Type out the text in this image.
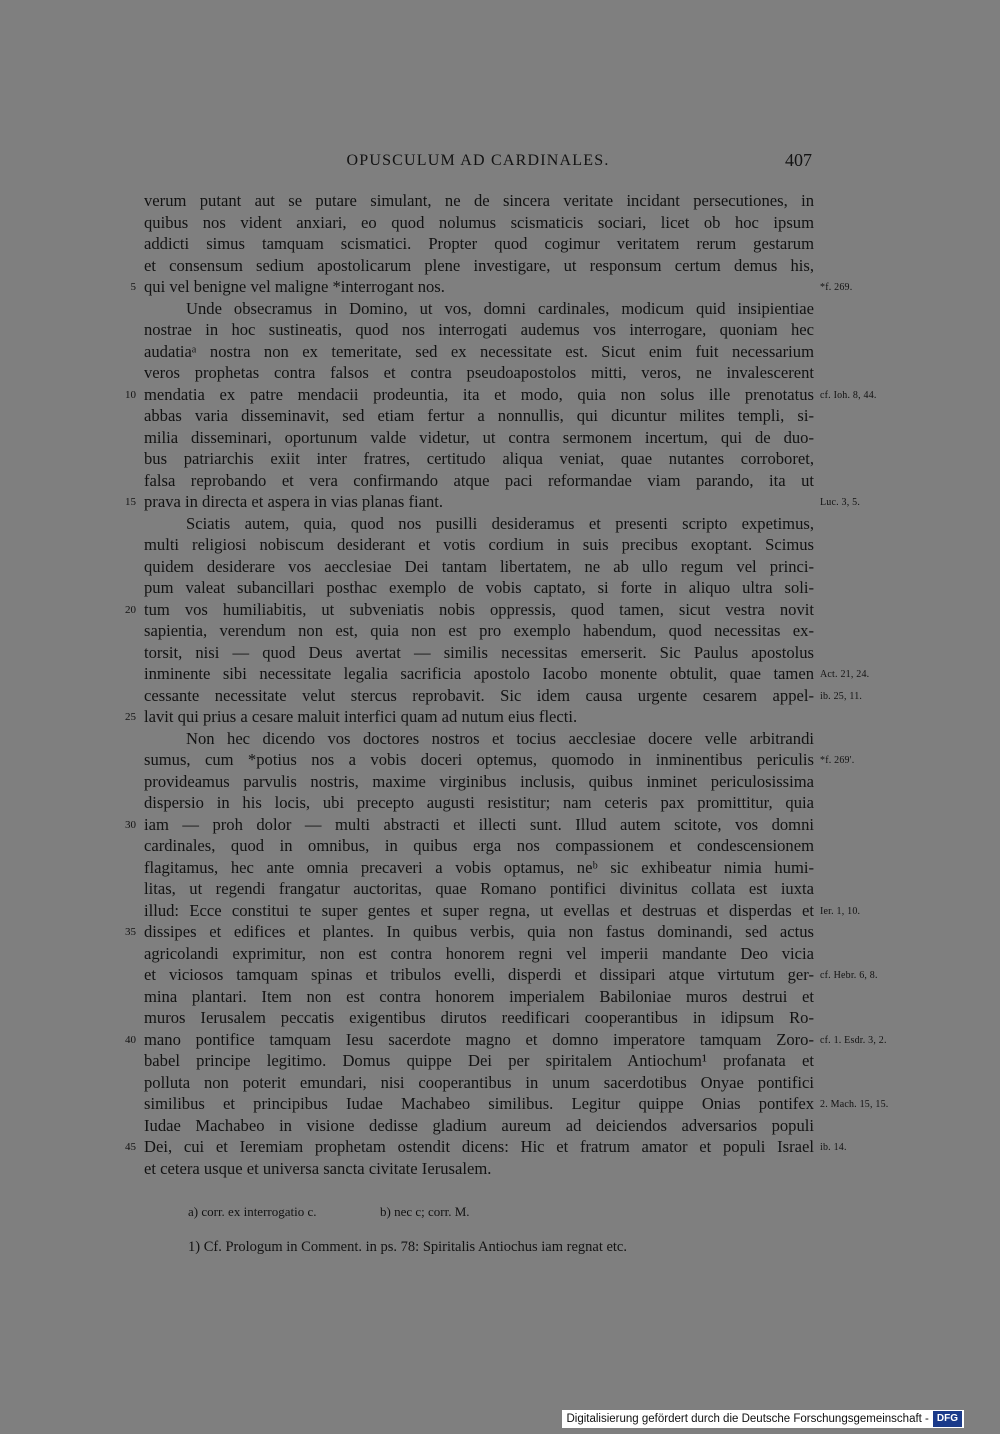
OPUSCULUM AD CARDINALES.	407
verum putant aut se putare simulant, ne de sincera veritate incidant persecutiones, in
quibus nos vident anxiari, eo quod nolumus scismaticis sociari, licet ob hoc ipsum
addicti simus tamquam scismatici. Propter quod cogimur veritatem rerum gestarum
et consensum sedium apostolicarum plene investigare, ut responsum certum demus his,
5 qui vel benigne vel maligne *interrogant nos.	*f. 269.
Unde obsecramus in Domino, ut vos, domni cardinales, modicum quid insipientiae
nostrae in hoc sustineatis, quod nos interrogati audemus vos interrogare, quoniam hec
audatiaᵃ nostra non ex temeritate, sed ex necessitate est. Sicut enim fuit necessarium
veros prophetas contra falsos et contra pseudoapostolos mitti, veros, ne invalescerent
10 mendatia ex patre mendacii prodeuntia, ita et modo, quia non solus ille prenotatus cf. Ioh. 8, 44.
abbas varia disseminavit, sed etiam fertur a nonnullis, qui dicuntur milites templi, si-
milia disseminari, oportunum valde videtur, ut contra sermonem incertum, qui de duo-
bus patriarchis exiit inter fratres, certitudo aliqua veniat, quae nutantes corroboret,
falsa reprobando et vera confirmando atque paci reformandae viam parando, ita ut
15 prava in directa et aspera in vias planas fiant.	Luc. 3, 5.
Sciatis autem, quia, quod nos pusilli desideramus et presenti scripto expetimus,
multi religiosi nobiscum desiderant et votis cordium in suis precibus exoptant. Scimus
quidem desiderare vos aecclesiae Dei tantam libertatem, ne ab ullo regum vel princi-
pum valeat subancillari posthac exemplo de vobis captato, si forte in aliquo ultra soli-
20 tum vos humiliabitis, ut subveniatis nobis oppressis, quod tamen, sicut vestra novit
sapientia, verendum non est, quia non est pro exemplo habendum, quod necessitas ex-
torsit, nisi — quod Deus avertat — similis necessitas emerserit. Sic Paulus apostolus
inminente sibi necessitate legalia sacrificia apostolo Iacobo monente obtulit, quae tamen Act. 21, 24.
cessante necessitate velut stercus reprobavit. Sic idem causa urgente cesarem appel- ib. 25, 11.
25 lavit qui prius a cesare maluit interfici quam ad nutum eius flecti.
Non hec dicendo vos doctores nostros et tocius aecclesiae docere velle arbitrandi
sumus, cum *potius nos a vobis doceri optemus, quomodo in inminentibus periculis *f. 269'.
provideamus parvulis nostris, maxime virginibus inclusis, quibus inminet periculosissima
dispersio in his locis, ubi precepto augusti resistitur; nam ceteris pax promittitur, quia
30 iam — proh dolor — multi abstracti et illecti sunt. Illud autem scitote, vos domni
cardinales, quod in omnibus, in quibus erga nos compassionem et condescensionem
flagitamus, hec ante omnia precaveri a vobis optamus, neᵇ sic exhibeatur nimia humi-
litas, ut regendi frangatur auctoritas, quae Romano pontifici divinitus collata est iuxta
illud: Ecce constitui te super gentes et super regna, ut evellas et destruas et disperdas et Ier. 1, 10.
35 dissipes et edifices et plantes. In quibus verbis, quia non fastus dominandi, sed actus
agricolandi exprimitur, non est contra honorem regni vel imperii mandante Deo vicia
et viciosos tamquam spinas et tribulos evelli, disperdi et dissipari atque virtutum ger- cf. Hebr. 6, 8.
mina plantari. Item non est contra honorem imperialem Babiloniae muros destrui et
muros Ierusalem peccatis exigentibus dirutos reedificari cooperantibus in idipsum Ro-
40 mano pontifice tamquam Iesu sacerdote magno et domno imperatore tamquam Zoro- cf. 1. Esdr. 3, 2.
babel principe legitimo. Domus quippe Dei per spiritalem Antiochum¹ profanata et
polluta non poterit emundari, nisi cooperantibus in unum sacerdotibus Onyae pontifici
similibus et principibus Iudae Machabeo similibus. Legitur quippe Onias pontifex 2. Mach. 15, 15.
Iudae Machabeo in visione dedisse gladium aureum ad deiciendos adversarios populi
45 Dei, cui et Ieremiam prophetam ostendit dicens: Hic et fratrum amator et populi Israel ib. 14.
et cetera usque et universa sancta civitate Ierusalem.
a) corr. ex interrogatio c.	b) nec c; corr. M.
1) Cf. Prologum in Comment. in ps. 78: Spiritalis Antiochus iam regnat etc.
Digitalisierung gefördert durch die Deutsche Forschungsgemeinschaft - DFG
